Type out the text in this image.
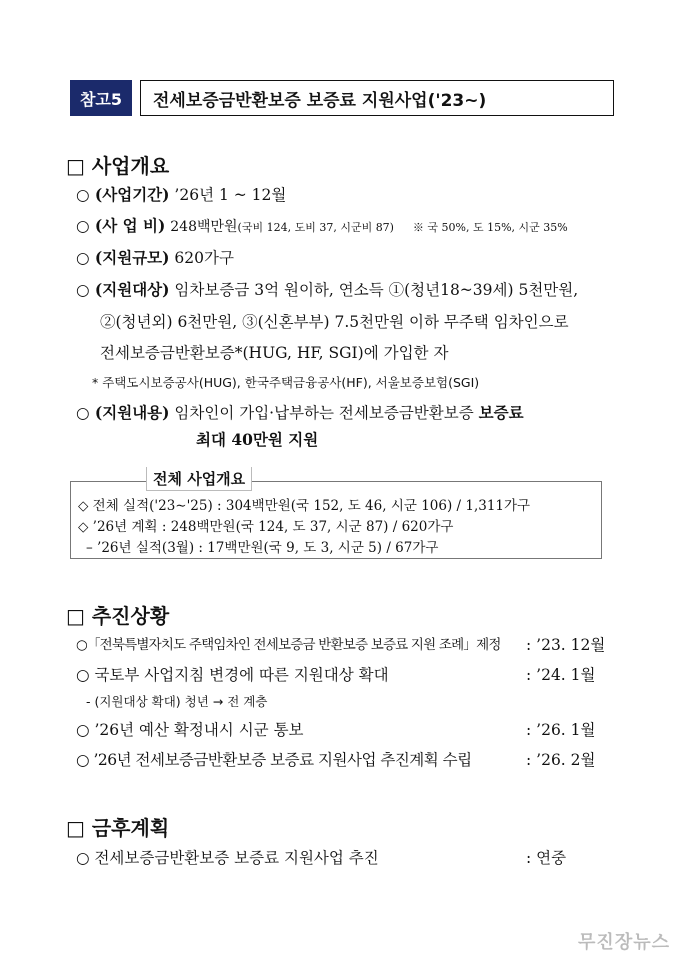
참고5	전세보증금반환보증 보증료 지원사업('23~)
□ 사업개요
○ (사업기간) ’26년 1 ~ 12월
○ (사 업 비) 248백만원(국비 124, 도비 37, 시군비 87) ※ 국 50%, 도 15%, 시군 35%
○ (지원규모) 620가구
○ (지원대상) 임차보증금 3억 원이하, 연소득 ①(청년18~39세) 5천만원,
②(청년외) 6천만원, ③(신혼부부) 7.5천만원 이하 무주택 임차인으로
전세보증금반환보증*(HUG, HF, SGI)에 가입한 자
* 주택도시보증공사(HUG), 한국주택금융공사(HF), 서울보증보험(SGI)
○ (지원내용) 임차인이 가입·납부하는 전세보증금반환보증 보증료
최대 40만원 지원
전체 사업개요
◇ 전체 실적('23∼'25) : 304백만원(국 152, 도 46, 시군 106) / 1,311가구
◇ ’26년 계획 : 248백만원(국 124, 도 37, 시군 87) / 620가구
– ’26년 실적(3월) : 17백만원(국 9, 도 3, 시군 5) / 67가구
□ 추진상황
○「전북특별자치도 주택임차인 전세보증금 반환보증 보증료 지원 조례」제정 : ’23. 12월
○ 국토부 사업지침 변경에 따른 지원대상 확대	: ’24. 1월
- (지원대상 확대) 청년 → 전 계층
○ ’26년 예산 확정내시 시군 통보	: ’26. 1월
○ ’26년 전세보증금반환보증 보증료 지원사업 추진계획 수립	: ’26. 2월
□ 금후계획
○ 전세보증금반환보증 보증료 지원사업 추진	: 연중
무진장뉴스
